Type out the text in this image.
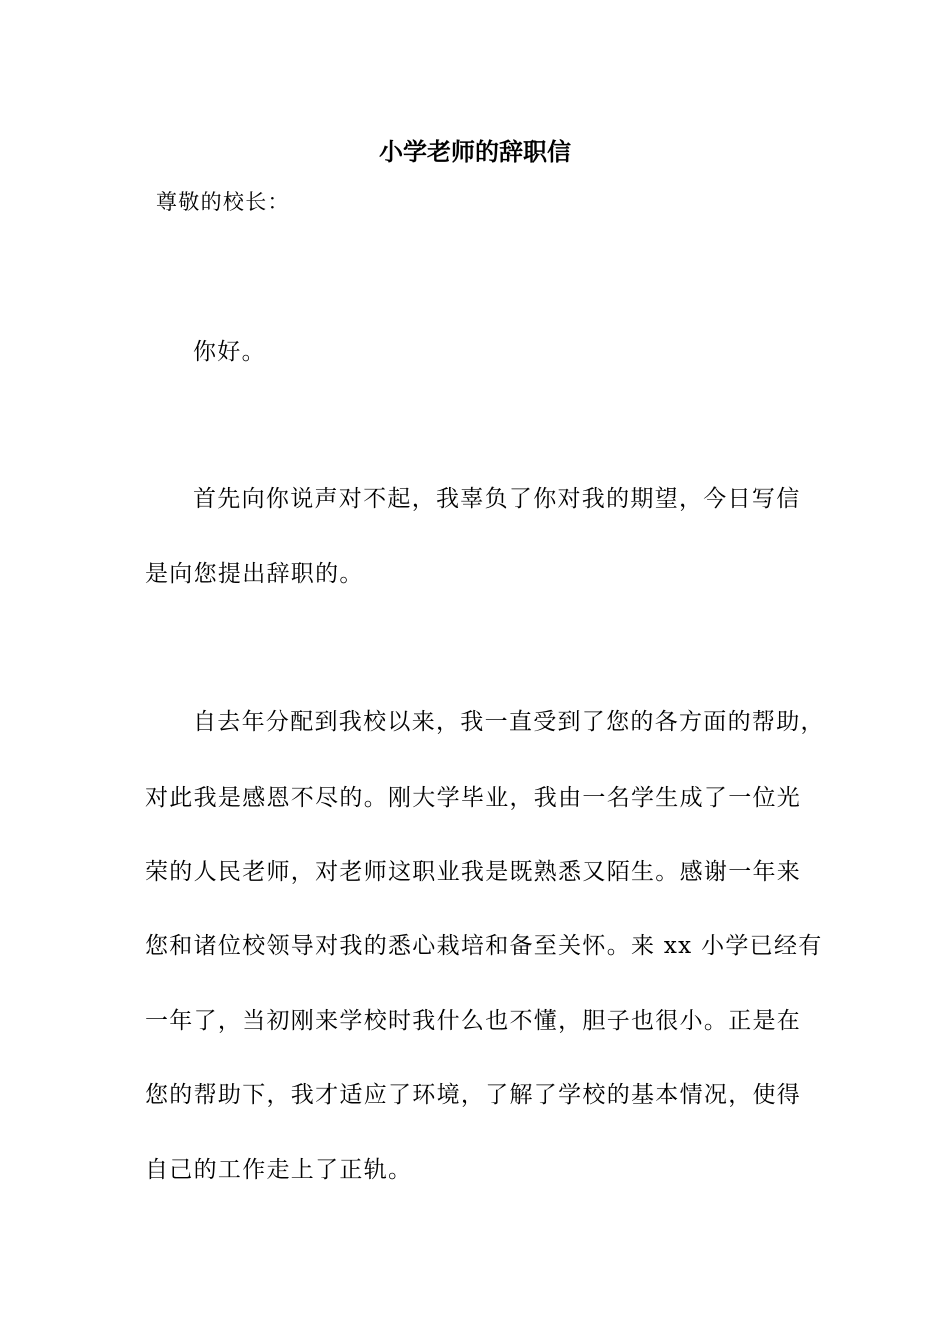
小学老师的辞职信
尊敬的校长：
你好。
首先向你说声对不起，我辜负了你对我的期望，今日写信
是向您提出辞职的。
自去年分配到我校以来，我一直受到了您的各方面的帮助，
对此我是感恩不尽的。刚大学毕业，我由一名学生成了一位光
荣的人民老师，对老师这职业我是既熟悉又陌生。感谢一年来
您和诸位校领导对我的悉心栽培和备至关怀。来 xx 小学已经有
一年了，当初刚来学校时我什么也不懂，胆子也很小。正是在
您的帮助下，我才适应了环境，了解了学校的基本情况，使得
自己的工作走上了正轨。
